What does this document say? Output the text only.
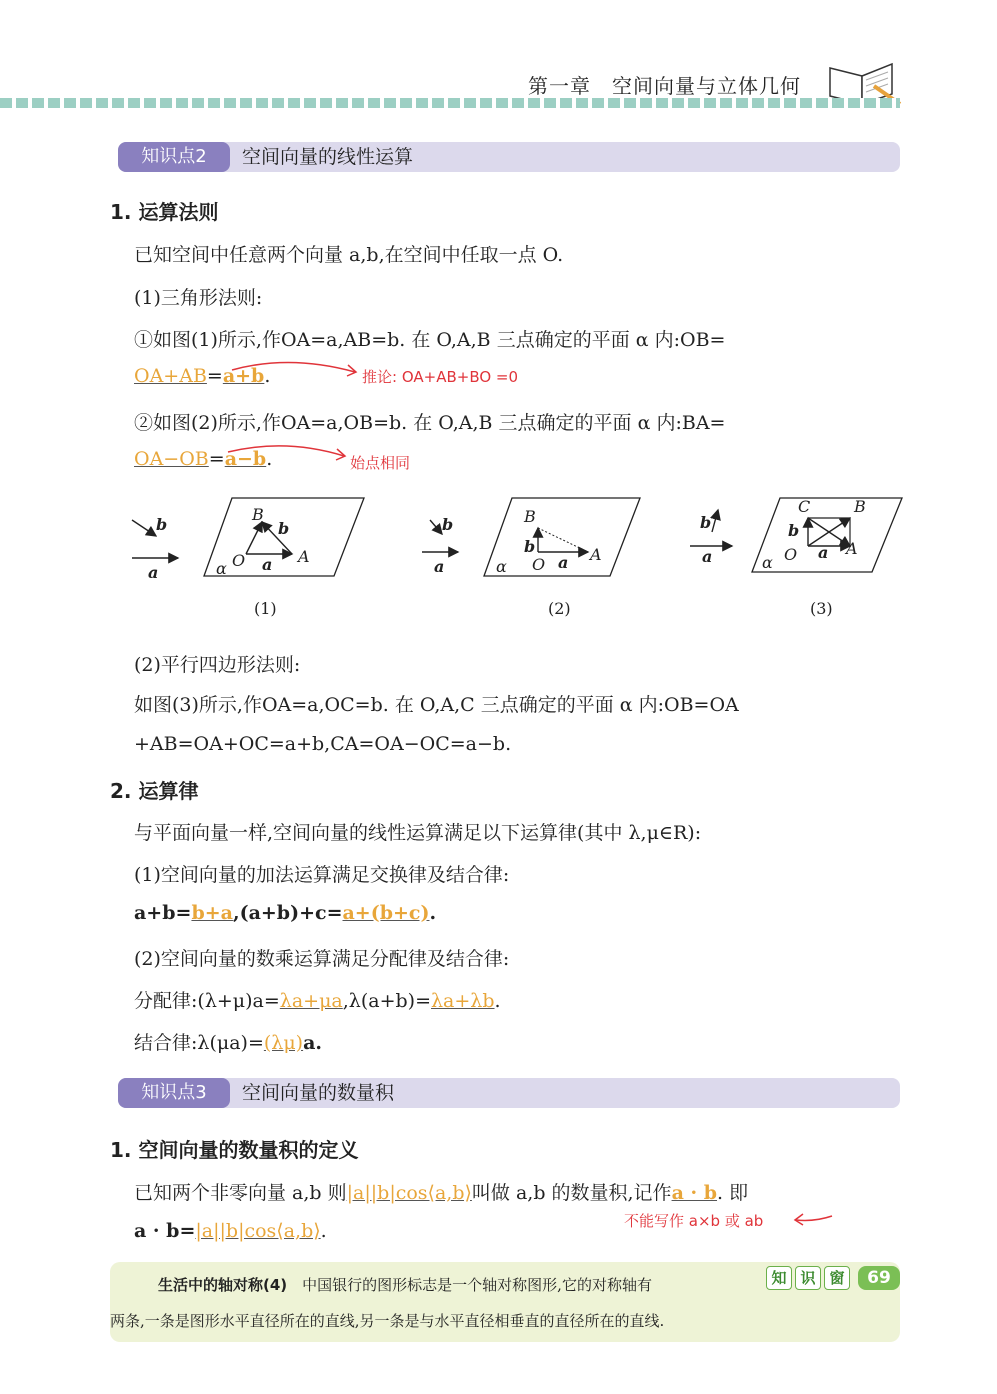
第一章　空间向量与立体几何
知识点2	空间向量的线性运算
1. 运算法则
已知空间中任意两个向量 a,b,在空间中任取一点 O.
(1)三角形法则:
①如图(1)所示,作OA=a,AB=b. 在 O,A,B 三点确定的平面 α 内:OB=
OA+AB=a+b.	推论: OA+AB+BO =0
②如图(2)所示,作OA=a,OB=b. 在 O,A,B 三点确定的平面 α 内:BA=
OA−OB=a−b.	始点相同
b
a
B
b
O a A
α
(1)
b
a
B
b
O a A
α
(2)
b
a
C	B
b
O a A
α
(3)
(2)平行四边形法则:
如图(3)所示,作OA=a,OC=b. 在 O,A,C 三点确定的平面 α 内:OB=OA
+AB=OA+OC=a+b,CA=OA−OC=a−b.
2. 运算律
与平面向量一样,空间向量的线性运算满足以下运算律(其中 λ,μ∈R):
(1)空间向量的加法运算满足交换律及结合律:
a+b=b+a,(a+b)+c=a+(b+c).
(2)空间向量的数乘运算满足分配律及结合律:
分配律:(λ+μ)a=λa+μa,λ(a+b)=λa+λb.
结合律:λ(μa)=(λμ)a.
知识点3	空间向量的数量积
1. 空间向量的数量积的定义
已知两个非零向量 a,b 则|a||b|cos⟨a,b⟩叫做 a,b 的数量积,记作a · b. 即
不能写作 a×b 或 ab
a · b=|a||b|cos⟨a,b⟩.
生活中的轴对称(4)　 中国银行的图形标志是一个轴对称图形,它的对称轴有
两条,一条是图形水平直径所在的直线,另一条是与水平直径相垂直的直径所在的直线.
知 识 窗	69
